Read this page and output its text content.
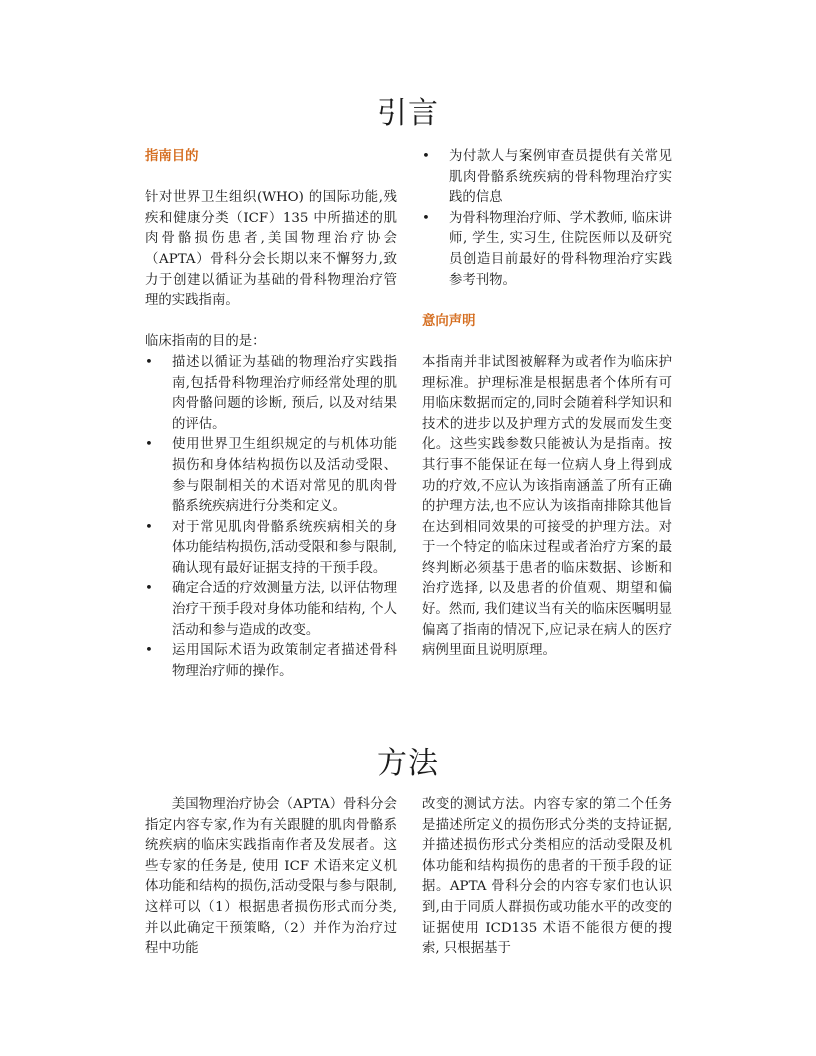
引言

指南目的

针对世界卫生组织(WHO) 的国际功能,残疾和健康分类（ICF）135 中所描述的肌肉骨骼损伤患者,美国物理治疗协会（APTA）骨科分会长期以来不懈努力,致力于创建以循证为基础的骨科物理治疗管理的实践指南。

临床指南的目的是：

• 描述以循证为基础的物理治疗实践指南,包括骨科物理治疗师经常处理的肌肉骨骼问题的诊断, 预后, 以及对结果的评估。
• 使用世界卫生组织规定的与机体功能损伤和身体结构损伤以及活动受限、参与限制相关的术语对常见的肌肉骨骼系统疾病进行分类和定义。
• 对于常见肌肉骨骼系统疾病相关的身体功能结构损伤,活动受限和参与限制,确认现有最好证据支持的干预手段。
• 确定合适的疗效测量方法, 以评估物理治疗干预手段对身体功能和结构, 个人活动和参与造成的改变。
• 运用国际术语为政策制定者描述骨科物理治疗师的操作。
• 为付款人与案例审查员提供有关常见肌肉骨骼系统疾病的骨科物理治疗实践的信息
• 为骨科物理治疗师、学术教师, 临床讲师, 学生, 实习生, 住院医师以及研究员创造目前最好的骨科物理治疗实践参考刊物。

意向声明

本指南并非试图被解释为或者作为临床护理标准。护理标准是根据患者个体所有可用临床数据而定的,同时会随着科学知识和技术的进步以及护理方式的发展而发生变化。这些实践参数只能被认为是指南。按其行事不能保证在每一位病人身上得到成功的疗效,不应认为该指南涵盖了所有正确的护理方法,也不应认为该指南排除其他旨在达到相同效果的可接受的护理方法。对于一个特定的临床过程或者治疗方案的最终判断必须基于患者的临床数据、诊断和治疗选择, 以及患者的价值观、期望和偏好。然而, 我们建议当有关的临床医嘱明显偏离了指南的情况下,应记录在病人的医疗病例里面且说明原理。

方法

美国物理治疗协会（APTA）骨科分会指定内容专家,作为有关跟腱的肌肉骨骼系统疾病的临床实践指南作者及发展者。这些专家的任务是, 使用 ICF 术语来定义机体功能和结构的损伤,活动受限与参与限制, 这样可以（1）根据患者损伤形式而分类, 并以此确定干预策略,（2）并作为治疗过程中功能

改变的测试方法。内容专家的第二个任务是描述所定义的损伤形式分类的支持证据,并描述损伤形式分类相应的活动受限及机体功能和结构损伤的患者的干预手段的证据。APTA 骨科分会的内容专家们也认识到,由于同质人群损伤或功能水平的改变的证据使用 ICD135 术语不能很方便的搜索, 只根据基于
